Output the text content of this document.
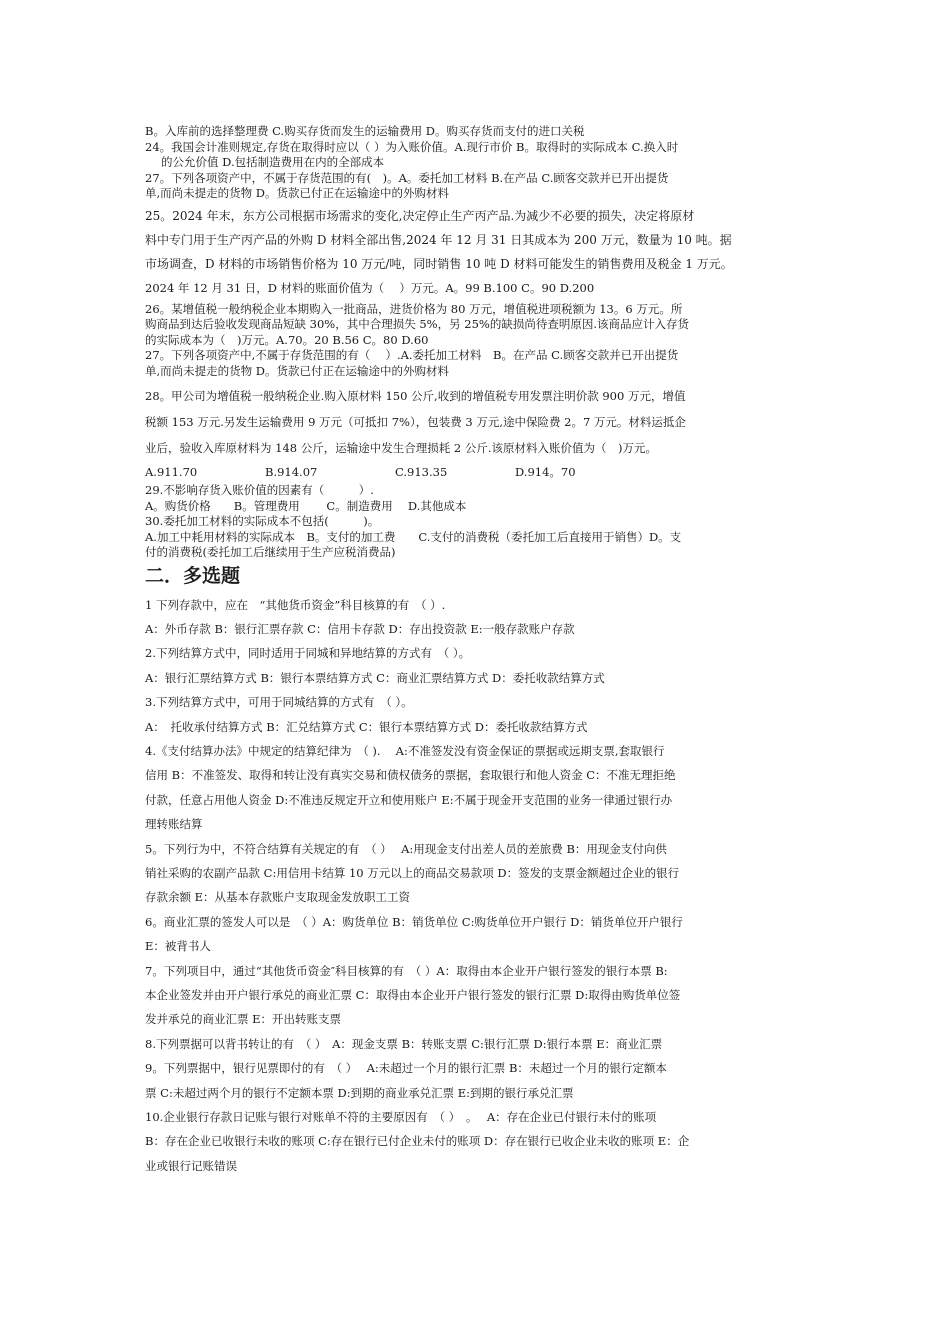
B。入库前的选择整理费 C.购买存货而发生的运输费用 D。购买存货而支付的进口关税

24。我国会计准则规定,存货在取得时应以（ ）为入账价值。A.现行市价 B。取得时的实际成本 C.换入时

的公允价值 D.包括制造费用在内的全部成本

27。下列各项资产中，不属于存货范围的有(　)。A。委托加工材料 B.在产品 C.顾客交款并已开出提货

单,而尚未提走的货物 D。货款已付正在运输途中的外购材料

25。2024 年末，东方公司根据市场需求的变化,决定停止生产丙产品.为减少不必要的损失，决定将原材

料中专门用于生产丙产品的外购 D 材料全部出售,2024 年 12 月 31 日其成本为 200 万元，数量为 10 吨。据

市场调查，D 材料的市场销售价格为 10 万元/吨，同时销售 10 吨 D 材料可能发生的销售费用及税金 1 万元。

2024 年 12 月 31 日，D 材料的账面价值为（　 ）万元。A。99 B.100 C。90 D.200

26。某增值税一般纳税企业本期购入一批商品，进货价格为 80 万元，增值税进项税额为 13。6 万元。所

购商品到达后验收发现商品短缺 30%，其中合理损失 5%，另 25%的缺损尚待查明原因.该商品应计入存货

的实际成本为（　)万元。A.70。20 B.56 C。80 D.60

27。下列各项资产中,不属于存货范围的有（　 ）.A.委托加工材料　B。在产品 C.顾客交款并已开出提货

单,而尚未提走的货物 D。货款已付正在运输途中的外购材料

28。甲公司为增值税一般纳税企业.购入原材料 150 公斤,收到的增值税专用发票注明价款 900 万元，增值

税额 153 万元.另发生运输费用 9 万元（可抵扣 7%），包装费 3 万元,途中保险费 2。7 万元。材料运抵企

业后，验收入库原材料为 148 公斤，运输途中发生合理损耗 2 公斤.该原材料入账价值为（　)万元。

A.911.70	B.914.07	C.913.35	D.914。70

29.不影响存货入账价值的因素有（　　　）.

A。购货价格　　B。管理费用　　 C。制造费用　 D.其他成本

30.委托加工材料的实际成本不包括(　　　)。

A.加工中耗用材料的实际成本　B。支付的加工费　　C.支付的消费税（委托加工后直接用于销售）D。支

付的消费税(委托加工后继续用于生产应税消费品)

二．多选题

1 下列存款中，应在　“其他货币资金”科目核算的有　（ ）.

A：外币存款 B：银行汇票存款 C：信用卡存款 D：存出投资款 E:一般存款账户存款

2.下列结算方式中，同时适用于同城和异地结算的方式有　（ ）。

A：银行汇票结算方式 B：银行本票结算方式 C：商业汇票结算方式 D：委托收款结算方式

3.下列结算方式中，可用于同城结算的方式有　（ ）。

A：　托收承付结算方式 B：汇兑结算方式 C：银行本票结算方式 D：委托收款结算方式

4.《支付结算办法》中规定的结算纪律为　（ ).　 A:不准签发没有资金保证的票据或远期支票,套取银行

信用 B：不准签发、取得和转让没有真实交易和债权债务的票据，套取银行和他人资金 C：不准无理拒绝

付款，任意占用他人资金 D:不准违反规定开立和使用账户 E:不属于现金开支范围的业务一律通过银行办

理转账结算

5。下列行为中，不符合结算有关规定的有　（ ）　 A:用现金支付出差人员的差旅费 B：用现金支付向供

销社采购的农副产品款 C:用信用卡结算 10 万元以上的商品交易款项 D：签发的支票金额超过企业的银行

存款余额 E：从基本存款账户支取现金发放职工工资

6。商业汇票的签发人可以是　（ ）A：购货单位 B：销货单位 C:购货单位开户银行 D：销货单位开户银行

E：被背书人

7。下列项目中，通过“其他货币资金″科目核算的有　（ ）A：取得由本企业开户银行签发的银行本票 B:

本企业签发并由开户银行承兑的商业汇票 C：取得由本企业开户银行签发的银行汇票 D:取得由购货单位签

发并承兑的商业汇票 E：开出转账支票

8.下列票据可以背书转让的有　（ ）　A：现金支票 B：转账支票 C:银行汇票 D:银行本票 E：商业汇票

9。下列票据中，银行见票即付的有　（ ）　 A:未超过一个月的银行汇票 B：未超过一个月的银行定额本

票 C:未超过两个月的银行不定额本票 D:到期的商业承兑汇票 E:到期的银行承兑汇票

10.企业银行存款日记账与银行对账单不符的主要原因有　（ ）　。　 A：存在企业已付银行未付的账项

B：存在企业已收银行未收的账项 C:存在银行已付企业未付的账项 D：存在银行已收企业未收的账项 E：企

业或银行记账错误
